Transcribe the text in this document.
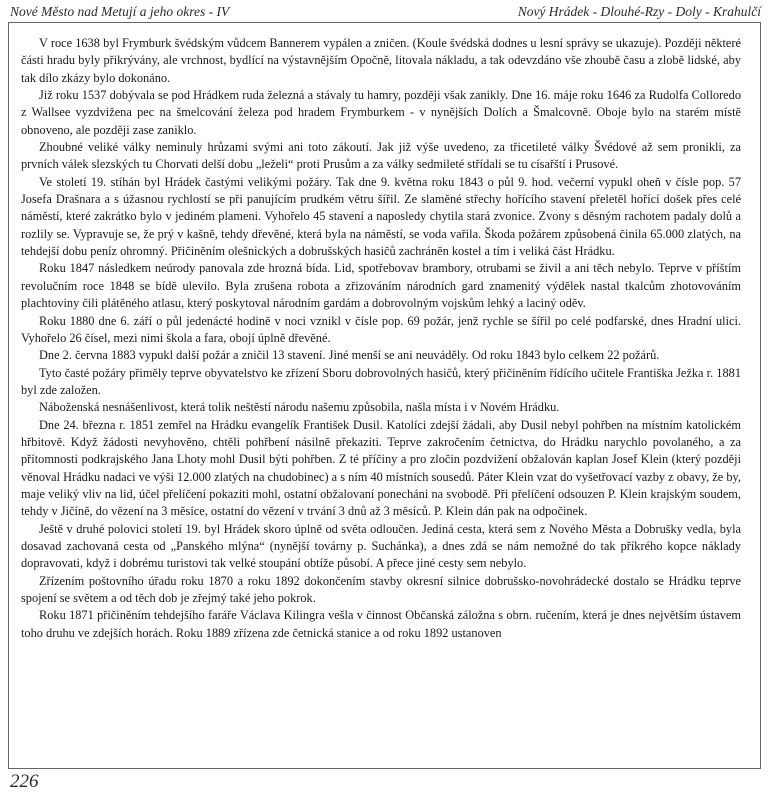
Nové Město nad Metují a jeho okres - IV	Nový Hrádek - Dlouhé-Rzy - Doly - Krahulčí

V roce 1638 byl Frymburk švédským vůdcem Bannerem vypálen a zničen. (Koule švédská dodnes u lesní správy se ukazuje). Později některé části hradu byly přikrývány, ale vrchnost, bydlící na výstavnějším Opočně, litovala nákladu, a tak odevzdáno vše zhoubě času a zlobě lidské, aby tak dílo zkázy bylo dokonáno.

Již roku 1537 dobývala se pod Hrádkem ruda železná a stávaly tu hamry, později však zanikly. Dne 16. máje roku 1646 za Rudolfa Colloredo z Wallsee vyzdvižena pec na šmelcování železa pod hradem Frymburkem - v nynějších Dolích a Šmalcovně. Oboje bylo na starém místě obnoveno, ale později zase zaniklo.

Zhoubné veliké války neminuly hrůzami svými ani toto zákoutí. Jak již výše uvedeno, za třicetileté války Švédové až sem pronikli, za prvních válek slezských tu Chorvati delší dobu „leželi“ proti Prusům a za války sedmileté střídali se tu císařští i Prusové.

Ve století 19. stíhán byl Hrádek častými velikými požáry. Tak dne 9. května roku 1843 o půl 9. hod. večerní vypukl oheň v čísle pop. 57 Josefa Drašnara a s úžasnou rychlostí se při panujícím prudkém větru šířil. Ze slaměné střechy hořícího stavení přeletěl hořící došek přes celé náměstí, které zakrátko bylo v jediném plameni. Vyhořelo 45 stavení a naposledy chytila stará zvonice. Zvony s děsným rachotem padaly dolů a rozlily se. Vypravuje se, že prý v kašně, tehdy dřevěné, která byla na náměstí, se voda vařila. Škoda požárem způsobená činila 65.000 zlatých, na tehdejší dobu peníz ohromný. Přičiněním olešnických a dobrušských hasičů zachráněn kostel a tím i veliká část Hrádku.

Roku 1847 následkem neúrody panovala zde hrozná bída. Lid, spotřebovav brambory, otrubami se živil a ani těch nebylo. Teprve v příštím revolučním roce 1848 se bídě ulevilo. Byla zrušena robota a zřizováním národních gard znamenitý výdělek nastal tkalcům zhotovováním plachtoviny čili plátěného atlasu, který poskytoval národním gardám a dobrovolným vojskům lehký a laciný oděv.

Roku 1880 dne 6. září o půl jedenácté hodině v noci vznikl v čísle pop. 69 požár, jenž rychle se šířil po celé podfarské, dnes Hradní ulici. Vyhořelo 26 čísel, mezi nimi škola a fara, obojí úplně dřevěné.

Dne 2. června 1883 vypukl další požár a zničil 13 stavení. Jiné menší se ani neuváděly. Od roku 1843 bylo celkem 22 požárů.

Tyto časté požáry přiměly teprve obyvatelstvo ke zřízení Sboru dobrovolných hasičů, který přičiněním řídícího učitele Františka Ježka r. 1881 byl zde založen.

Náboženská nesnášenlivost, která tolik neštěstí národu našemu způsobila, našla místa i v Novém Hrádku.

Dne 24. března r. 1851 zemřel na Hrádku evangelík František Dusil. Katolíci zdejší žádali, aby Dusil nebyl pohřben na místním katolickém hřbitově. Když žádosti nevyhověno, chtěli pohřbení násilně překaziti. Teprve zakročením četnictva, do Hrádku narychlo povolaného, a za přítomnosti podkrajského Jana Lhoty mohl Dusil býti pohřben. Z té příčiny a pro zločin pozdvižení obžalován kaplan Josef Klein (který později věnoval Hrádku nadaci ve výši 12.000 zlatých na chudobinec) a s ním 40 místních sousedů. Páter Klein vzat do vyšetřovací vazby z obavy, že by, maje veliký vliv na lid, účel přelíčení pokaziti mohl, ostatní obžalovaní ponecháni na svobodě. Při přelíčení odsouzen P. Klein krajským soudem, tehdy v Jičíně, do vězení na 3 měsíce, ostatní do vězení v trvání 3 dnů až 3 měsíců. P. Klein dán pak na odpočinek.

Ještě v druhé polovici století 19. byl Hrádek skoro úplně od světa odloučen. Jediná cesta, která sem z Nového Města a Dobrušky vedla, byla dosavad zachovaná cesta od „Panského mlýna“ (nynější továrny p. Suchánka), a dnes zdá se nám nemožné do tak příkrého kopce náklady dopravovati, když i dobrému turistovi tak velké stoupání obtíže působí. A přece jiné cesty sem nebylo.

Zřízením poštovního úřadu roku 1870 a roku 1892 dokončením stavby okresní silnice dobrušsko-novohrádecké dostalo se Hrádku teprve spojení se světem a od těch dob je zřejmý také jeho pokrok.

Roku 1871 přičiněním tehdejšího faráře Václava Kilingra vešla v činnost Občanská záložna s obrn. ručením, která je dnes největším ústavem toho druhu ve zdejších horách. Roku 1889 zřízena zde četnická stanice a od roku 1892 ustanoven

226
